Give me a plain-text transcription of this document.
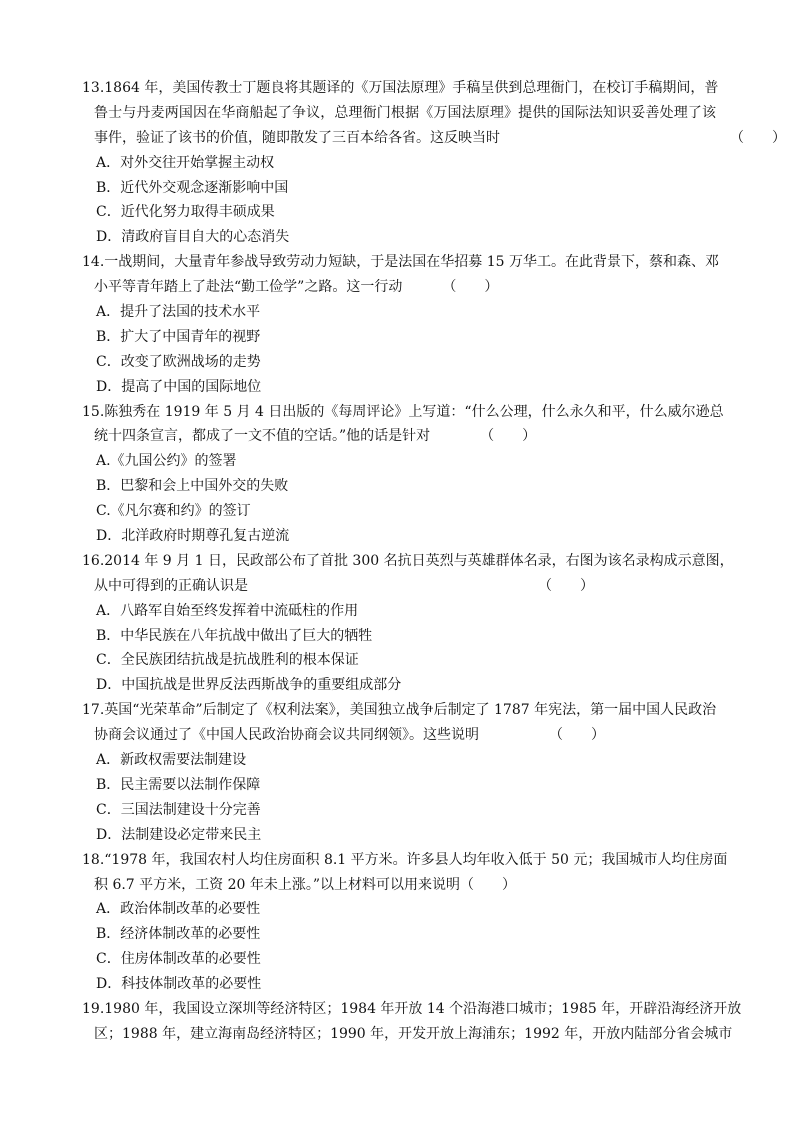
13.1864 年，美国传教士丁题良将其题译的《万国法原理》手稿呈供到总理衙门，在校订手稿期间，普
鲁士与丹麦两国因在华商船起了争议，总理衙门根据《万国法原理》提供的国际法知识妥善处理了该
事件，验证了该书的价值，随即散发了三百本给各省。这反映当时	（　　）
A．对外交往开始掌握主动权
B．近代外交观念逐渐影响中国
C．近代化努力取得丰硕成果
D．清政府盲目自大的心态消失
14.一战期间，大量青年参战导致劳动力短缺，于是法国在华招募 15 万华工。在此背景下，蔡和森、邓
小平等青年踏上了赴法“勤工俭学”之路。这一行动	（　　）
A．提升了法国的技术水平
B．扩大了中国青年的视野
C．改变了欧洲战场的走势
D．提高了中国的国际地位
15.陈独秀在 1919 年 5 月 4 日出版的《每周评论》上写道：“什么公理，什么永久和平，什么威尔逊总
统十四条宣言，都成了一文不值的空话。”他的话是针对	（　　）
A.《九国公约》的签署
B．巴黎和会上中国外交的失败
C.《凡尔赛和约》的签订
D．北洋政府时期尊孔复古逆流
16.2014 年 9 月 1 日，民政部公布了首批 300 名抗日英烈与英雄群体名录，右图为该名录构成示意图，
从中可得到的正确认识是	（　　）
A．八路军自始至终发挥着中流砥柱的作用
B．中华民族在八年抗战中做出了巨大的牺牲
C．全民族团结抗战是抗战胜利的根本保证
D．中国抗战是世界反法西斯战争的重要组成部分
17.英国“光荣革命”后制定了《权利法案》，美国独立战争后制定了 1787 年宪法，第一届中国人民政治
协商会议通过了《中国人民政治协商会议共同纲领》。这些说明	（　　）
A．新政权需要法制建设
B．民主需要以法制作保障
C．三国法制建设十分完善
D．法制建设必定带来民主
18.“1978 年，我国农村人均住房面积 8.1 平方米。许多县人均年收入低于 50 元；我国城市人均住房面
积 6.7 平方米，工资 20 年未上涨。”以上材料可以用来说明（　　）
A．政治体制改革的必要性
B．经济体制改革的必要性
C．住房体制改革的必要性
D．科技体制改革的必要性
19.1980 年，我国设立深圳等经济特区；1984 年开放 14 个沿海港口城市；1985 年，开辟沿海经济开放
区；1988 年，建立海南岛经济特区；1990 年，开发开放上海浦东；1992 年，开放内陆部分省会城市
